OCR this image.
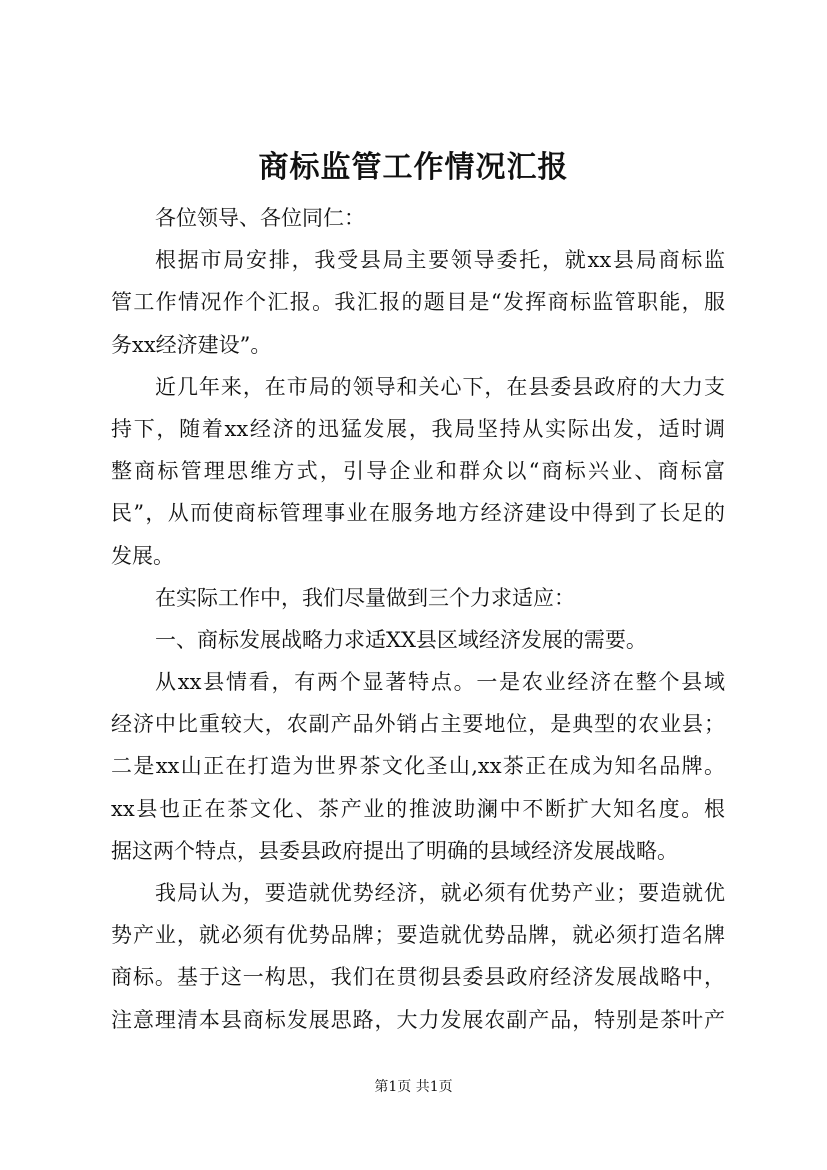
商标监管工作情况汇报
各位领导、各位同仁：
根据市局安排，我受县局主要领导委托，就xx县局商标监
管工作情况作个汇报。我汇报的题目是“发挥商标监管职能，服
务xx经济建设”。
近几年来，在市局的领导和关心下，在县委县政府的大力支
持下，随着xx经济的迅猛发展，我局坚持从实际出发，适时调
整商标管理思维方式，引导企业和群众以“商标兴业、商标富
民”，从而使商标管理事业在服务地方经济建设中得到了长足的
发展。
在实际工作中，我们尽量做到三个力求适应：
一、商标发展战略力求适XX县区域经济发展的需要。
从xx县情看，有两个显著特点。一是农业经济在整个县域
经济中比重较大，农副产品外销占主要地位，是典型的农业县；
二是xx山正在打造为世界茶文化圣山,xx茶正在成为知名品牌。
xx县也正在茶文化、茶产业的推波助澜中不断扩大知名度。根
据这两个特点，县委县政府提出了明确的县域经济发展战略。
我局认为，要造就优势经济，就必须有优势产业；要造就优
势产业，就必须有优势品牌；要造就优势品牌，就必须打造名牌
商标。基于这一构思，我们在贯彻县委县政府经济发展战略中，
注意理清本县商标发展思路，大力发展农副产品，特别是茶叶产
第1页 共1页
